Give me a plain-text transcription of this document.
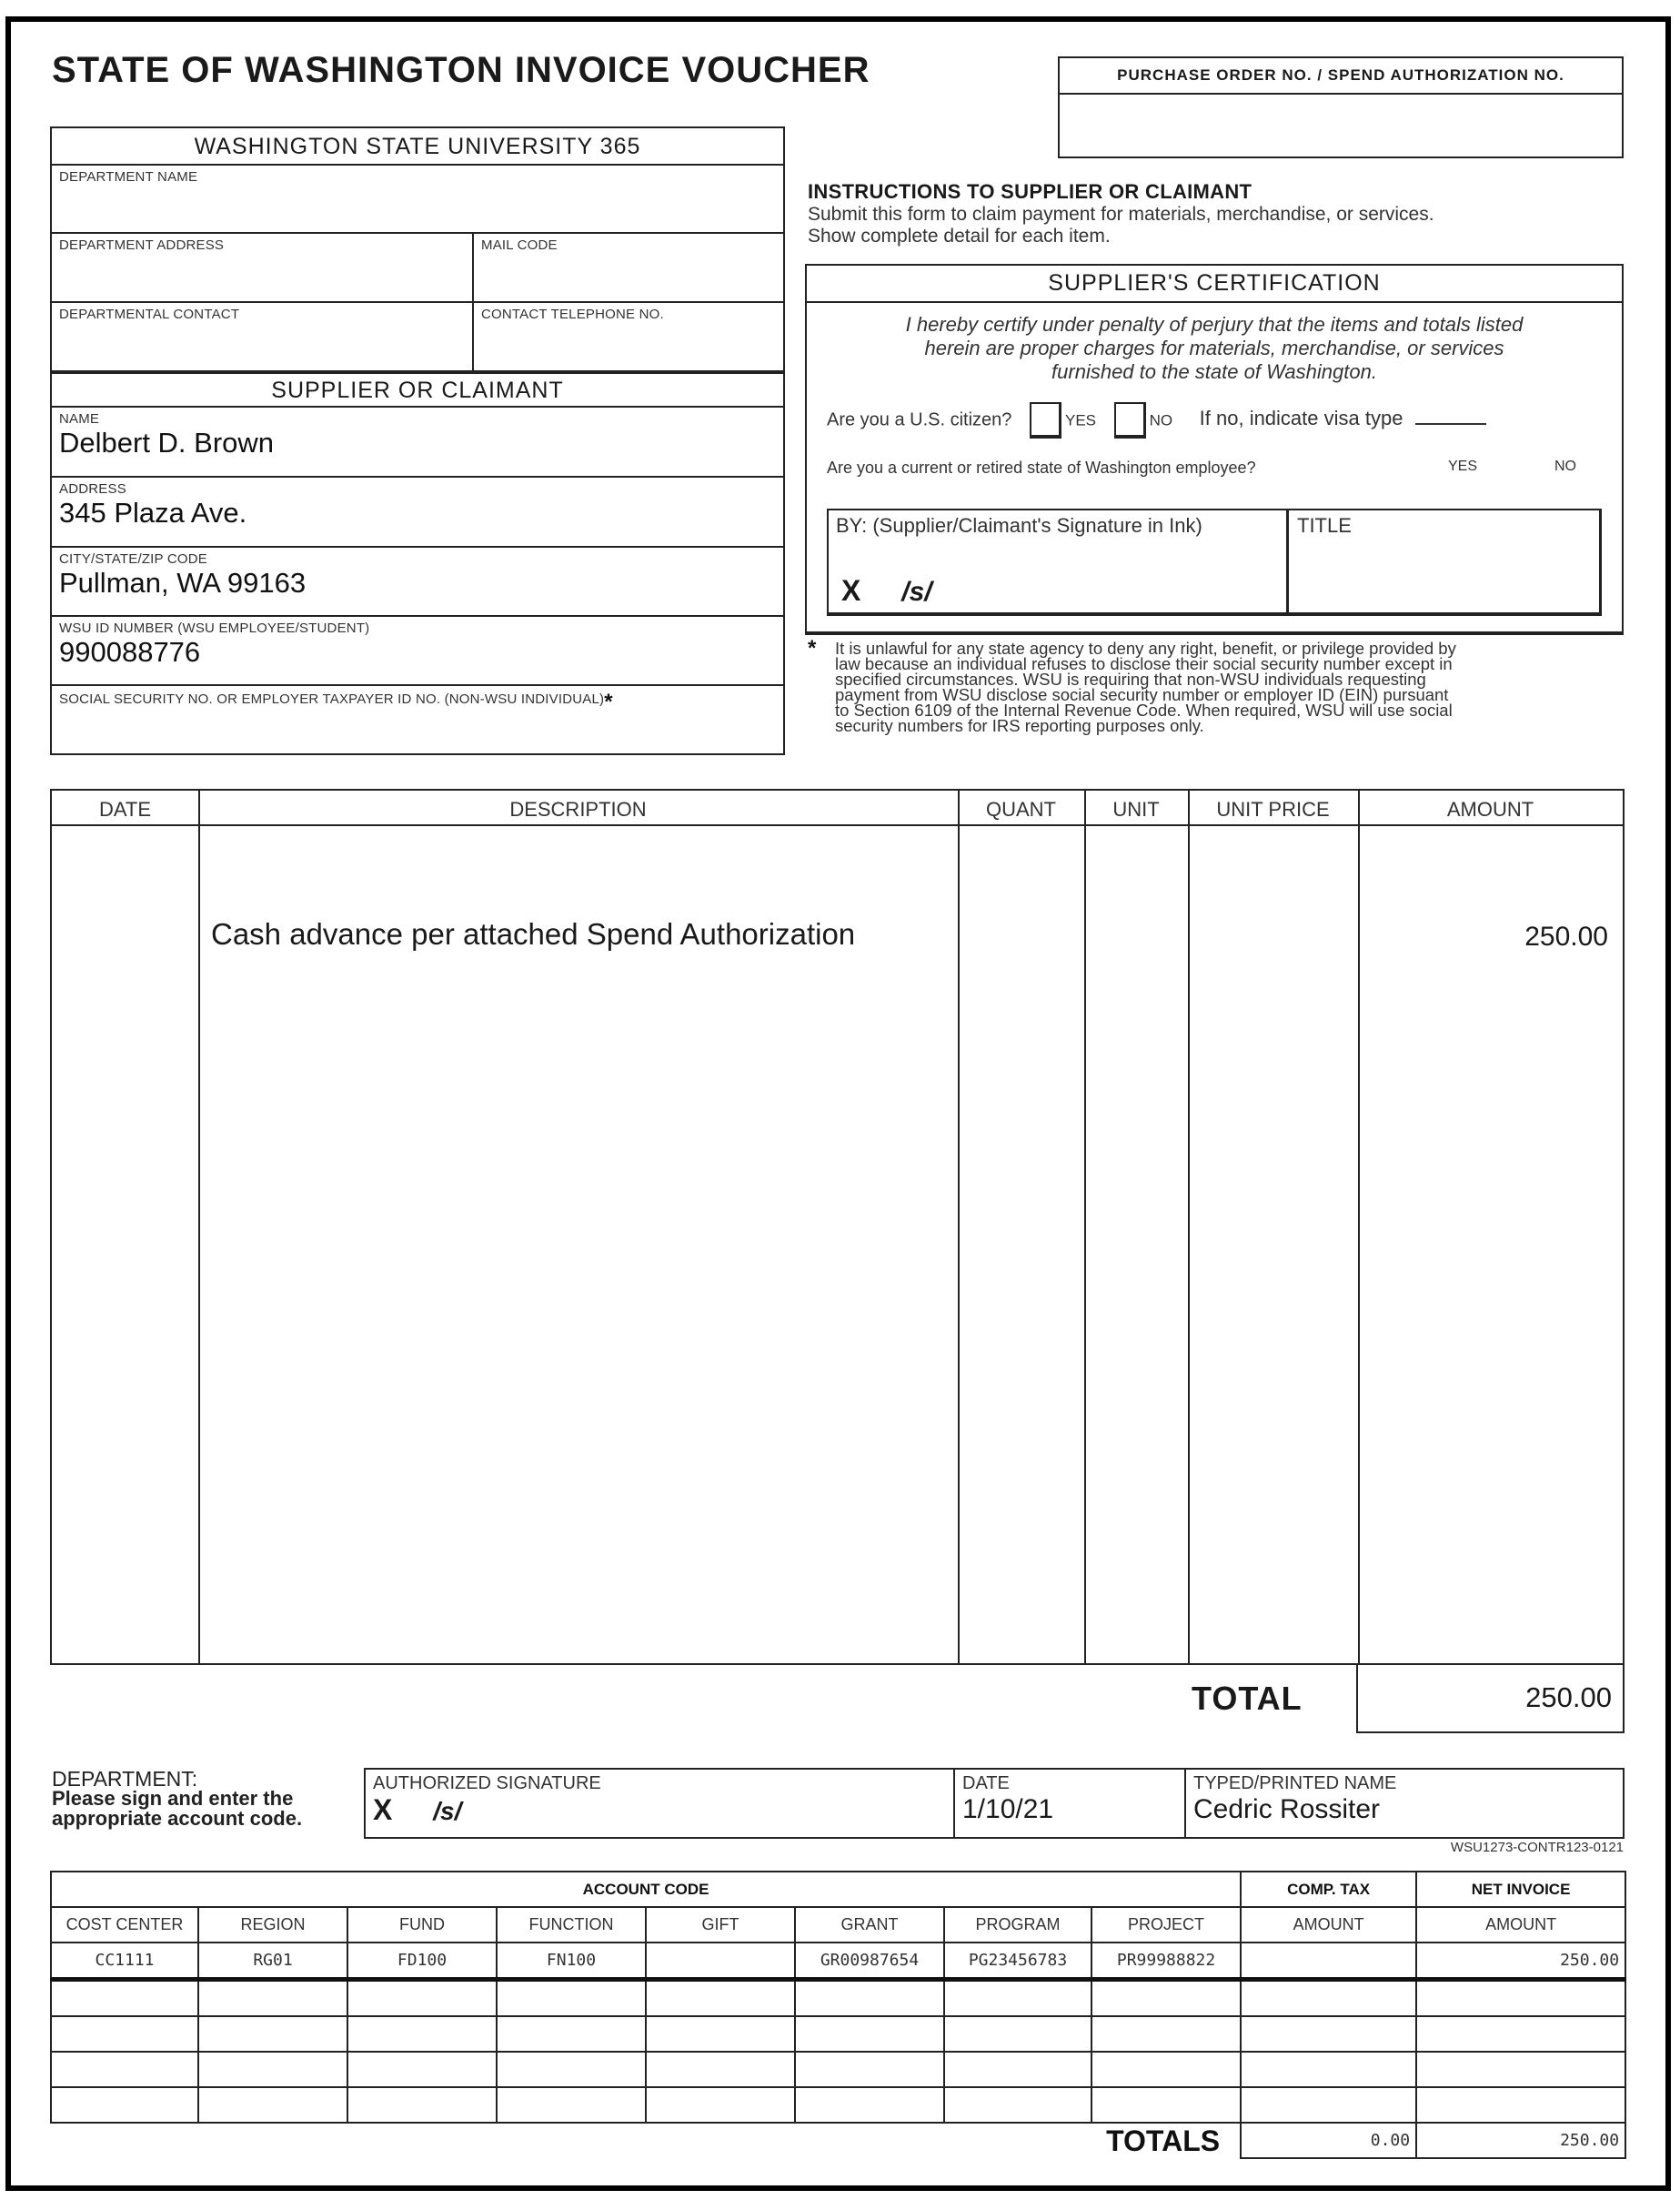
STATE OF WASHINGTON INVOICE VOUCHER	PURCHASE ORDER NO. / SPEND AUTHORIZATION NO.
WASHINGTON STATE UNIVERSITY 365
DEPARTMENT NAME
DEPARTMENT ADDRESS	MAIL CODE
DEPARTMENTAL CONTACT	CONTACT TELEPHONE NO.
SUPPLIER OR CLAIMANT
NAME
Delbert D. Brown
ADDRESS
345 Plaza Ave.
CITY/STATE/ZIP CODE
Pullman, WA 99163
WSU ID NUMBER (WSU EMPLOYEE/STUDENT)
990088776
SOCIAL SECURITY NO. OR EMPLOYER TAXPAYER ID NO. (NON-WSU INDIVIDUAL)*
INSTRUCTIONS TO SUPPLIER OR CLAIMANT
Submit this form to claim payment for materials, merchandise, or services.
Show complete detail for each item.
SUPPLIER'S CERTIFICATION
I hereby certify under penalty of perjury that the items and totals listed
herein are proper charges for materials, merchandise, or services
furnished to the state of Washington.
Are you a U.S. citizen?	YES	NO If no, indicate visa type
Are you a current or retired state of Washington employee?	YES	NO
BY: (Supplier/Claimant's Signature in Ink)
X /s/
TITLE
* It is unlawful for any state agency to deny any right, benefit, or privilege provided by
law because an individual refuses to disclose their social security number except in
specified circumstances. WSU is requiring that non-WSU individuals requesting
payment from WSU disclose social security number or employer ID (EIN) pursuant
to Section 6109 of the Internal Revenue Code. When required, WSU will use social
security numbers for IRS reporting purposes only.
DATE	DESCRIPTION	QUANT	UNIT	UNIT PRICE	AMOUNT
Cash advance per attached Spend Authorization	250.00
TOTAL	250.00
DEPARTMENT:
Please sign and enter the
appropriate account code.
AUTHORIZED SIGNATURE
X /s/
DATE
1/10/21
TYPED/PRINTED NAME
Cedric Rossiter
WSU1273-CONTR123-0121
ACCOUNT CODE								COMP. TAX	NET INVOICE
COST CENTER	REGION	FUND	FUNCTION	GIFT	GRANT	PROGRAM	PROJECT	AMOUNT	AMOUNT
CC1111	RG01	FD100	FN100		GR00987654	PG23456783	PR99988822		250.00

TOTALS								0.00	250.00
